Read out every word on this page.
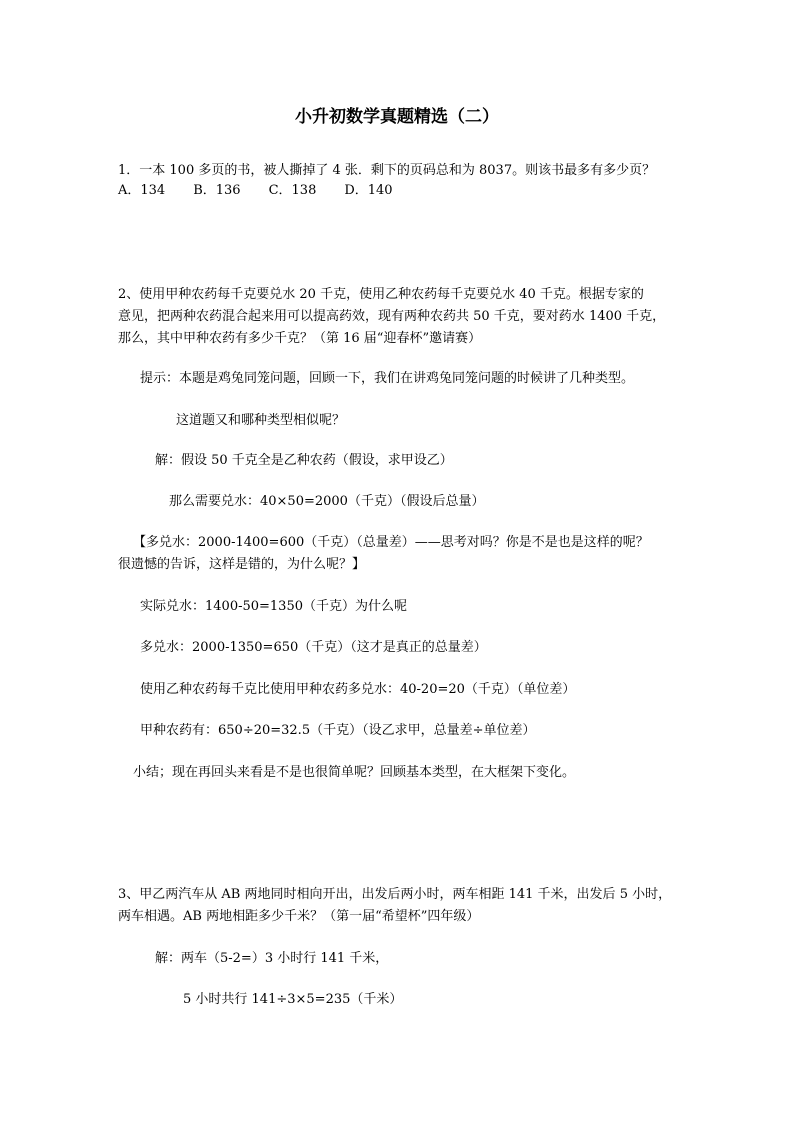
小升初数学真题精选（二）
1．一本 100 多页的书，被人撕掉了 4 张．剩下的页码总和为 8037。则该书最多有多少页？
A．134 B．136 C．138 D．140
2、使用甲种农药每千克要兑水 20 千克，使用乙种农药每千克要兑水 40 千克。根据专家的
意见，把两种农药混合起来用可以提高药效，现有两种农药共 50 千克，要对药水 1400 千克，
那么，其中甲种农药有多少千克？（第 16 届“迎春杯”邀请赛）
提示：本题是鸡兔同笼问题，回顾一下，我们在讲鸡兔同笼问题的时候讲了几种类型。
这道题又和哪种类型相似呢？
解：假设 50 千克全是乙种农药（假设，求甲设乙）
那么需要兑水：40×50=2000（千克）（假设后总量）
【多兑水：2000-1400=600（千克）（总量差）——思考对吗？你是不是也是这样的呢？
很遗憾的告诉，这样是错的，为什么呢？】
实际兑水：1400-50=1350（千克）为什么呢
多兑水：2000-1350=650（千克）（这才是真正的总量差）
使用乙种农药每千克比使用甲种农药多兑水：40-20=20（千克）（单位差）
甲种农药有：650÷20=32.5（千克）（设乙求甲，总量差÷单位差）
小结；现在再回头来看是不是也很简单呢？回顾基本类型，在大框架下变化。
3、甲乙两汽车从 AB 两地同时相向开出，出发后两小时，两车相距 141 千米，出发后 5 小时，
两车相遇。AB 两地相距多少千米？（第一届“希望杯”四年级）
解：两车（5-2=）3 小时行 141 千米，
5 小时共行 141÷3×5=235（千米）
